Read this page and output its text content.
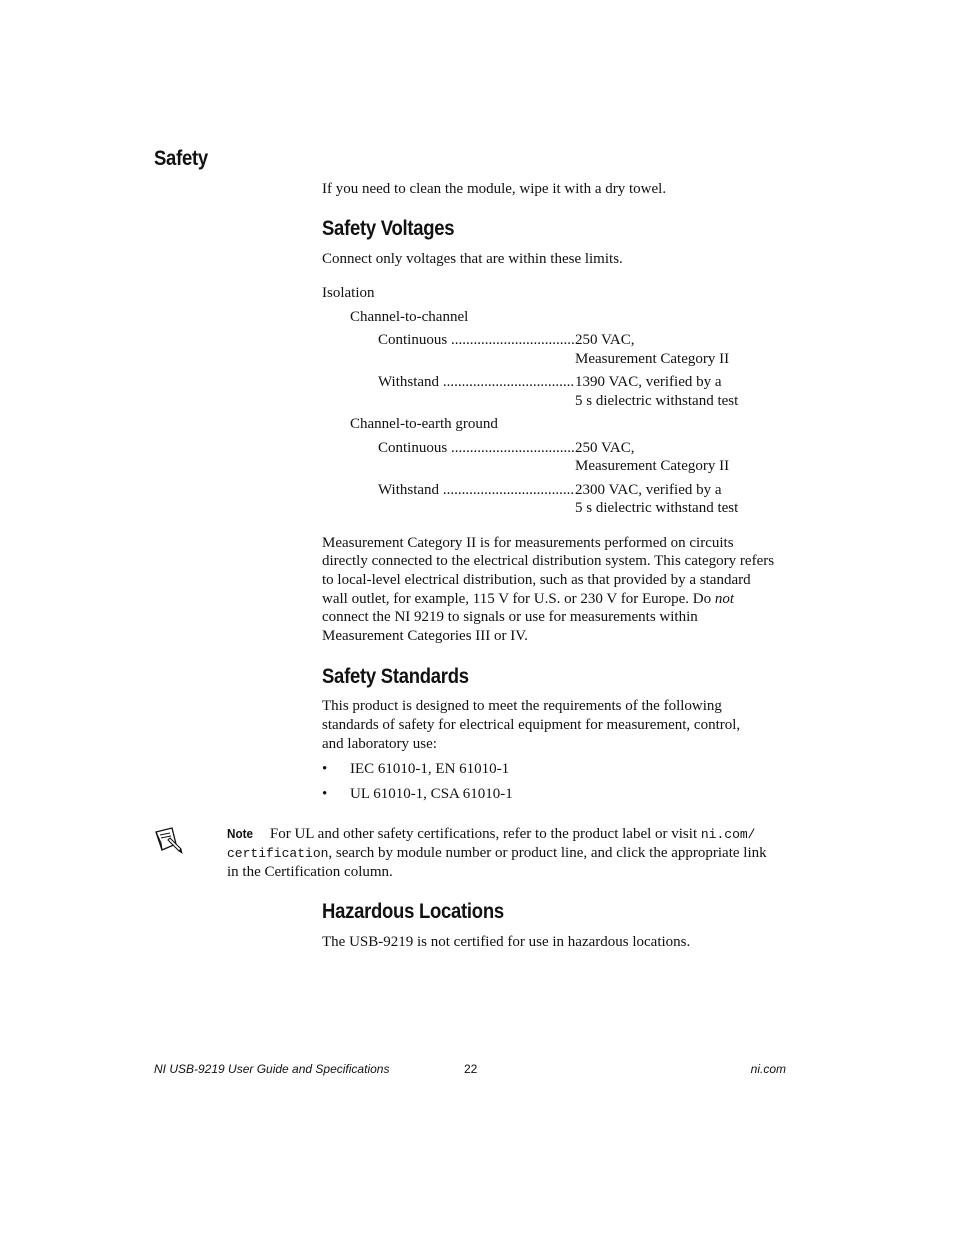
Safety
If you need to clean the module, wipe it with a dry towel.
Safety Voltages
Connect only voltages that are within these limits.
Isolation
Channel-to-channel
Continuous .....	250 VAC,
Measurement Category II
Withstand .....	1390 VAC, verified by a
5 s dielectric withstand test
Channel-to-earth ground
Continuous .....	250 VAC,
Measurement Category II
Withstand .....	2300 VAC, verified by a
5 s dielectric withstand test
Measurement Category II is for measurements performed on circuits
directly connected to the electrical distribution system. This category refers
to local-level electrical distribution, such as that provided by a standard
wall outlet, for example, 115 V for U.S. or 230 V for Europe. Do not
connect the NI 9219 to signals or use for measurements within
Measurement Categories III or IV.
Safety Standards
This product is designed to meet the requirements of the following
standards of safety for electrical equipment for measurement, control,
and laboratory use:
• IEC 61010-1, EN 61010-1
• UL 61010-1, CSA 61010-1
Note For UL and other safety certifications, refer to the product label or visit ni.com/
certification, search by module number or product line, and click the appropriate link
in the Certification column.
Hazardous Locations
The USB-9219 is not certified for use in hazardous locations.
NI USB-9219 User Guide and Specifications	22	ni.com
